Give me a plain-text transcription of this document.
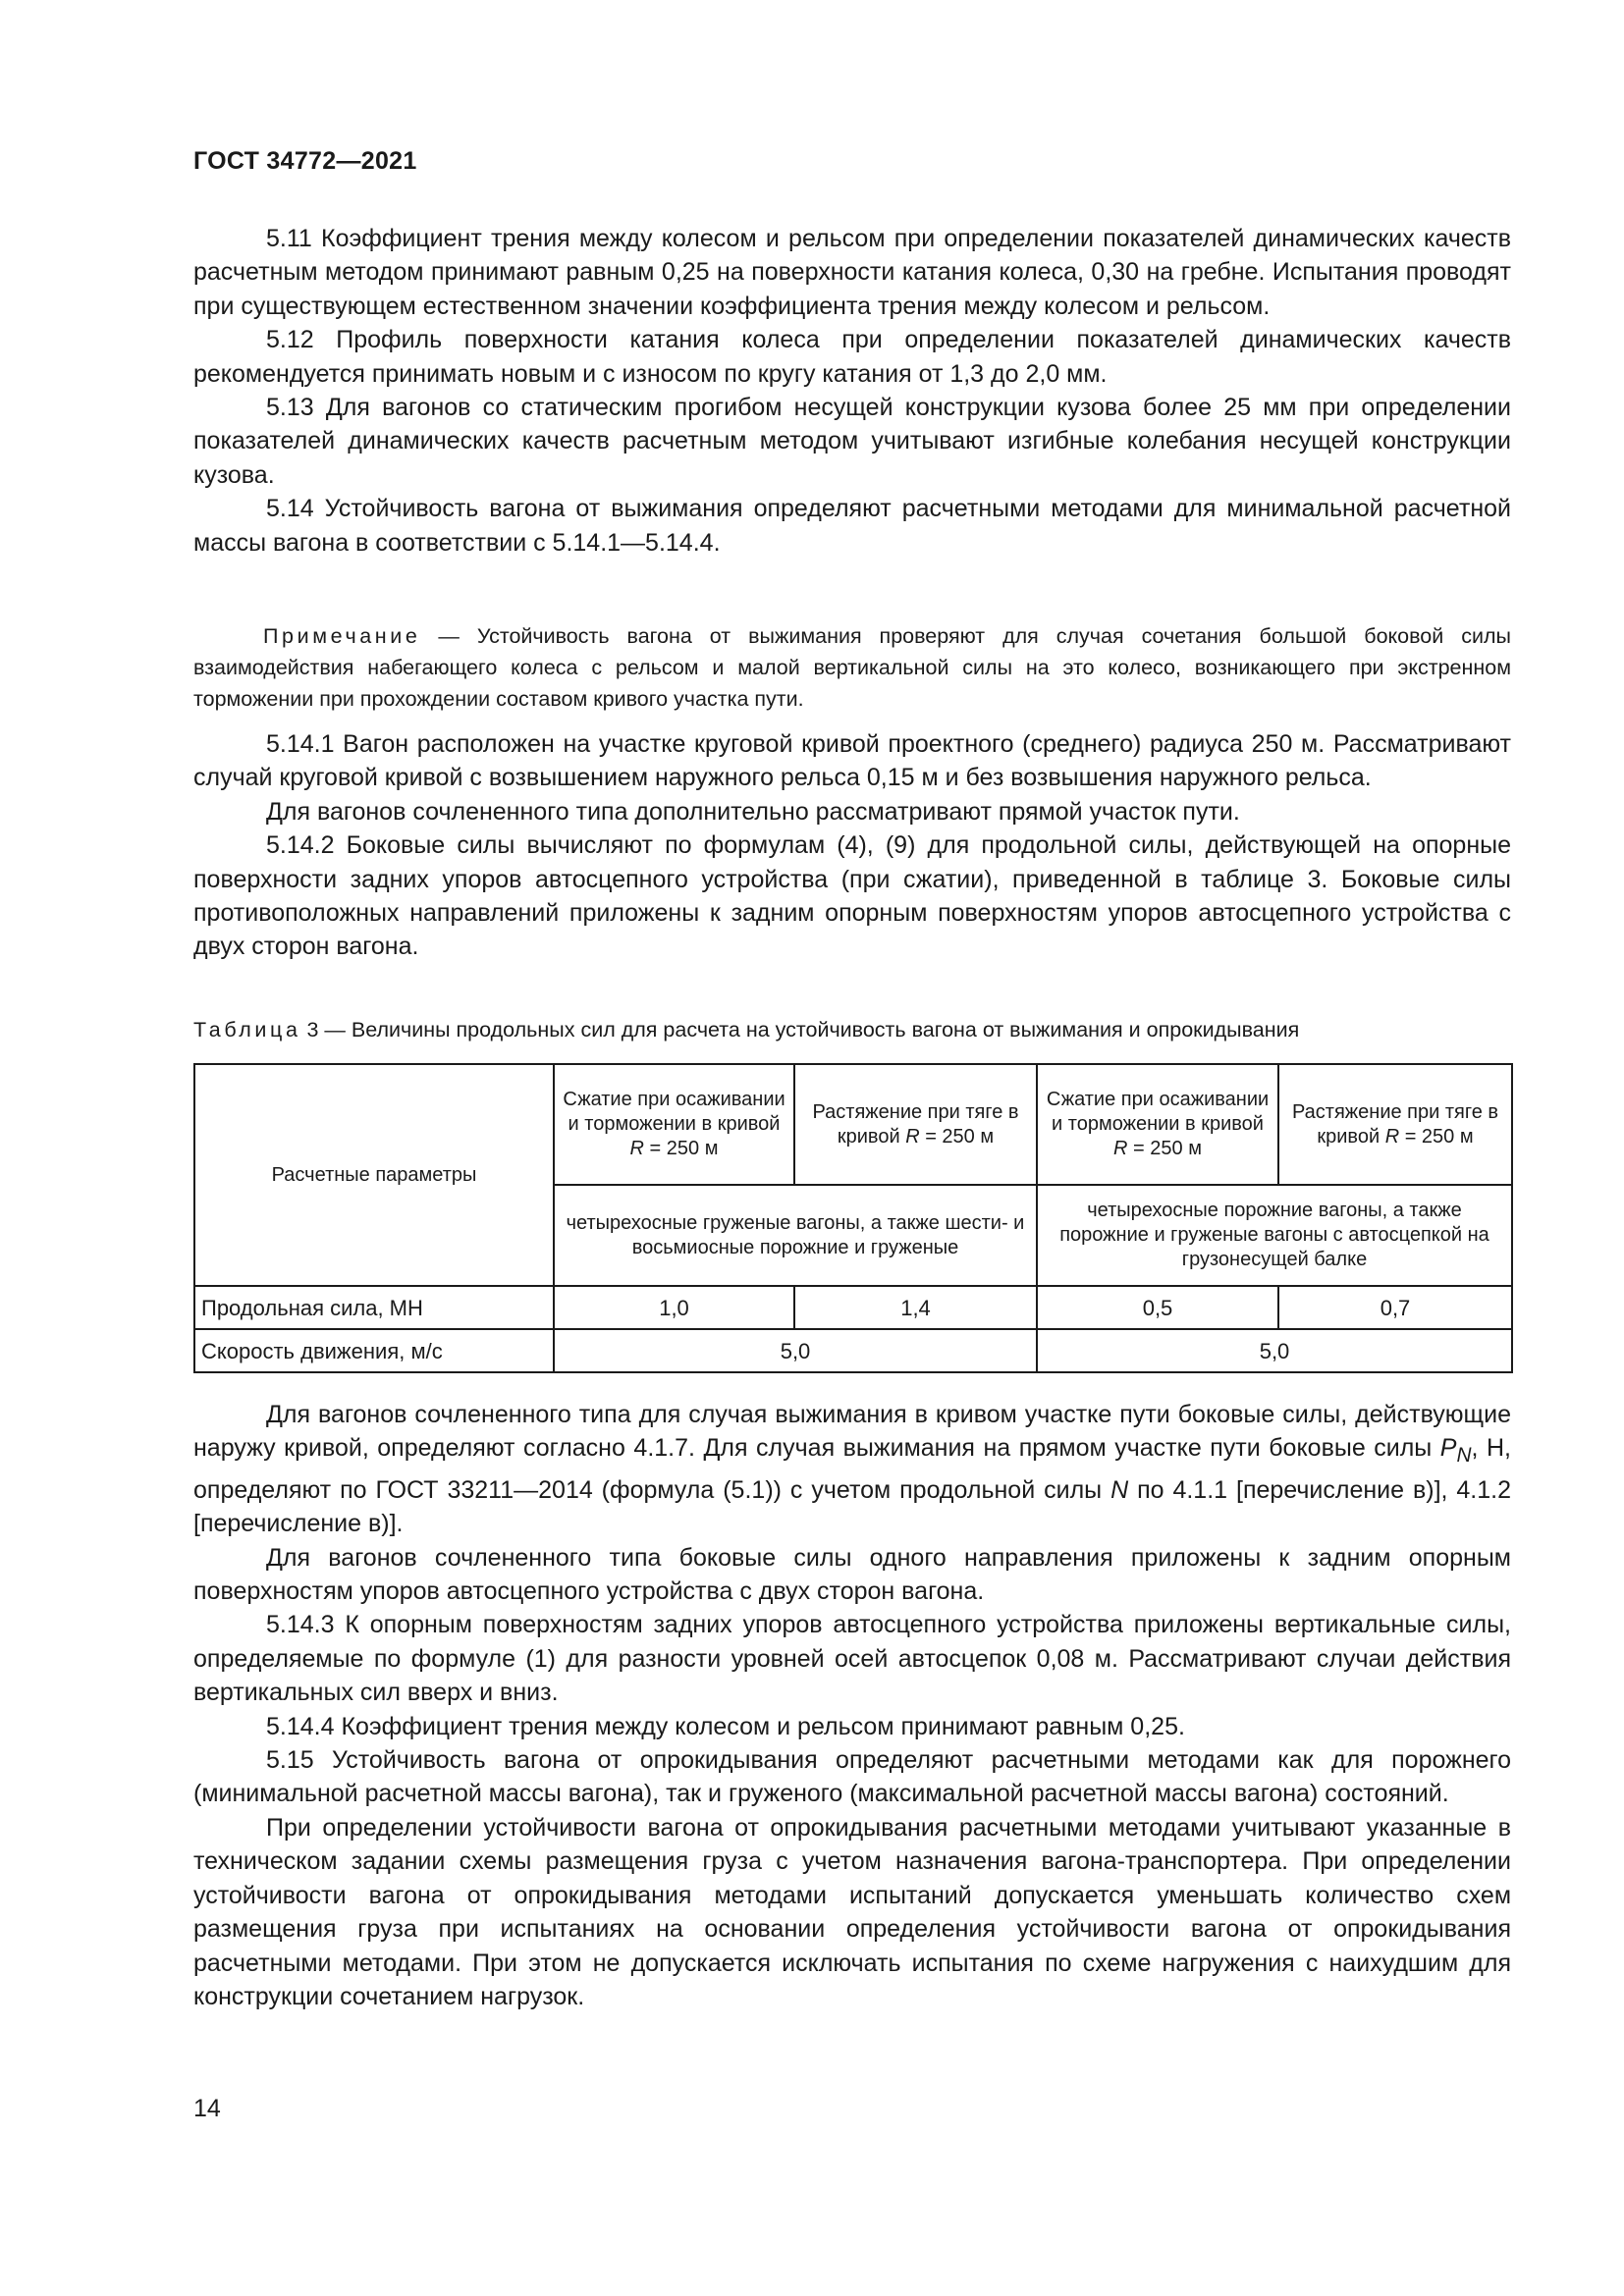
ГОСТ 34772—2021

5.11 Коэффициент трения между колесом и рельсом при определении показателей динамических качеств расчетным методом принимают равным 0,25 на поверхности катания колеса, 0,30 на гребне. Испытания проводят при существующем естественном значении коэффициента трения между колесом и рельсом.

5.12 Профиль поверхности катания колеса при определении показателей динамических качеств рекомендуется принимать новым и с износом по кругу катания от 1,3 до 2,0 мм.

5.13 Для вагонов со статическим прогибом несущей конструкции кузова более 25 мм при определении показателей динамических качеств расчетным методом учитывают изгибные колебания несущей конструкции кузова.

5.14 Устойчивость вагона от выжимания определяют расчетными методами для минимальной расчетной массы вагона в соответствии с 5.14.1—5.14.4.

Примечание — Устойчивость вагона от выжимания проверяют для случая сочетания большой боковой силы взаимодействия набегающего колеса с рельсом и малой вертикальной силы на это колесо, возникающего при экстренном торможении при прохождении составом кривого участка пути.

5.14.1 Вагон расположен на участке круговой кривой проектного (среднего) радиуса 250 м. Рассматривают случай круговой кривой с возвышением наружного рельса 0,15 м и без возвышения наружного рельса.

Для вагонов сочлененного типа дополнительно рассматривают прямой участок пути.

5.14.2 Боковые силы вычисляют по формулам (4), (9) для продольной силы, действующей на опорные поверхности задних упоров автосцепного устройства (при сжатии), приведенной в таблице 3. Боковые силы противоположных направлений приложены к задним опорным поверхностям упоров автосцепного устройства с двух сторон вагона.

Таблица 3 — Величины продольных сил для расчета на устойчивость вагона от выжимания и опрокидывания
Расчетные параметры	Сжатие при осаживании и торможении в кривой R = 250 м	Растяжение при тяге в кривой R = 250 м	Сжатие при осаживании и торможении в кривой R = 250 м	Растяжение при тяге в кривой R = 250 м
	четырехосные груженые вагоны, а также шести- и восьмиосные порожние и груженые		четырехосные порожние вагоны, а также порожние и груженые вагоны с автосцепкой на грузонесущей балке	
Продольная сила, МН	1,0	1,4	0,5	0,7
Скорость движения, м/с	5,0		5,0	

Для вагонов сочлененного типа для случая выжимания в кривом участке пути боковые силы, действующие наружу кривой, определяют согласно 4.1.7. Для случая выжимания на прямом участке пути боковые силы $P_N$, Н, определяют по ГОСТ 33211—2014 (формула (5.1)) с учетом продольной силы N по 4.1.1 [перечисление в)], 4.1.2 [перечисление в)].

Для вагонов сочлененного типа боковые силы одного направления приложены к задним опорным поверхностям упоров автосцепного устройства с двух сторон вагона.

5.14.3 К опорным поверхностям задних упоров автосцепного устройства приложены вертикальные силы, определяемые по формуле (1) для разности уровней осей автосцепок 0,08 м. Рассматривают случаи действия вертикальных сил вверх и вниз.

5.14.4 Коэффициент трения между колесом и рельсом принимают равным 0,25.

5.15 Устойчивость вагона от опрокидывания определяют расчетными методами как для порожнего (минимальной расчетной массы вагона), так и груженого (максимальной расчетной массы вагона) состояний.

При определении устойчивости вагона от опрокидывания расчетными методами учитывают указанные в техническом задании схемы размещения груза с учетом назначения вагона-транспортера. При определении устойчивости вагона от опрокидывания методами испытаний допускается уменьшать количество схем размещения груза при испытаниях на основании определения устойчивости вагона от опрокидывания расчетными методами. При этом не допускается исключать испытания по схеме нагружения с наихудшим для конструкции сочетанием нагрузок.

14
